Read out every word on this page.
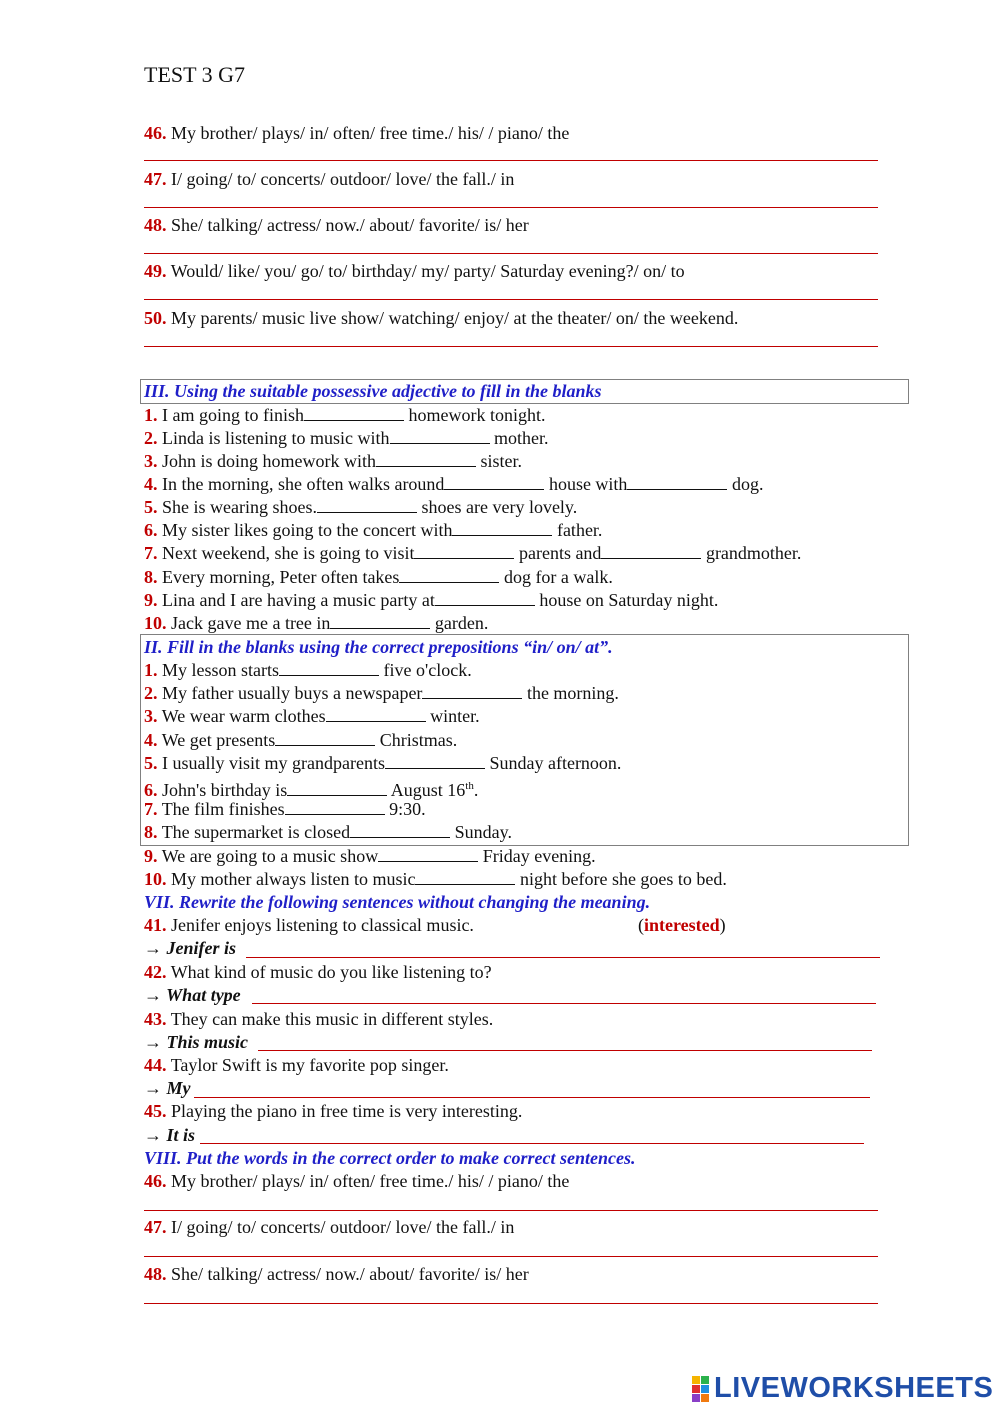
TEST 3 G7
46. My brother/ plays/ in/ often/ free time./ his/ / piano/ the
47. I/ going/ to/ concerts/ outdoor/ love/ the fall./ in
48. She/ talking/ actress/ now./ about/ favorite/ is/ her
49. Would/ like/ you/ go/ to/ birthday/ my/ party/ Saturday evening?/ on/ to
50. My parents/ music live show/ watching/ enjoy/ at the theater/ on/ the weekend.
III. Using the suitable possessive adjective to fill in the blanks
1. I am going to finish	homework tonight.
2. Linda is listening to music with	mother.
3. John is doing homework with	sister.
4. In the morning, she often walks around	house with	dog.
5. She is wearing shoes.	shoes are very lovely.
6. My sister likes going to the concert with	father.
7. Next weekend, she is going to visit	parents and	grandmother.
8. Every morning, Peter often takes	dog for a walk.
9. Lina and I are having a music party at	house on Saturday night.
10. Jack gave me a tree in	garden.
II. Fill in the blanks using the correct prepositions “in/ on/ at”.
1. My lesson starts	five o'clock.
2. My father usually buys a newspaper	the morning.
3. We wear warm clothes	winter.
4. We get presents	Christmas.
5. I usually visit my grandparents	Sunday afternoon.
6. John's birthday is	August 16th.
7. The film finishes	9:30.
8. The supermarket is closed	Sunday.
9. We are going to a music show	Friday evening.
10. My mother always listen to music	night before she goes to bed.
VII. Rewrite the following sentences without changing the meaning.
41. Jenifer enjoys listening to classical music.	(interested)
→ Jenifer is
42. What kind of music do you like listening to?
→ What type
43. They can make this music in different styles.
→ This music
44. Taylor Swift is my favorite pop singer.
→ My
45. Playing the piano in free time is very interesting.
→ It is
VIII. Put the words in the correct order to make correct sentences.
46. My brother/ plays/ in/ often/ free time./ his/ / piano/ the
47. I/ going/ to/ concerts/ outdoor/ love/ the fall./ in
48. She/ talking/ actress/ now./ about/ favorite/ is/ her
LIVEWORKSHEETS
